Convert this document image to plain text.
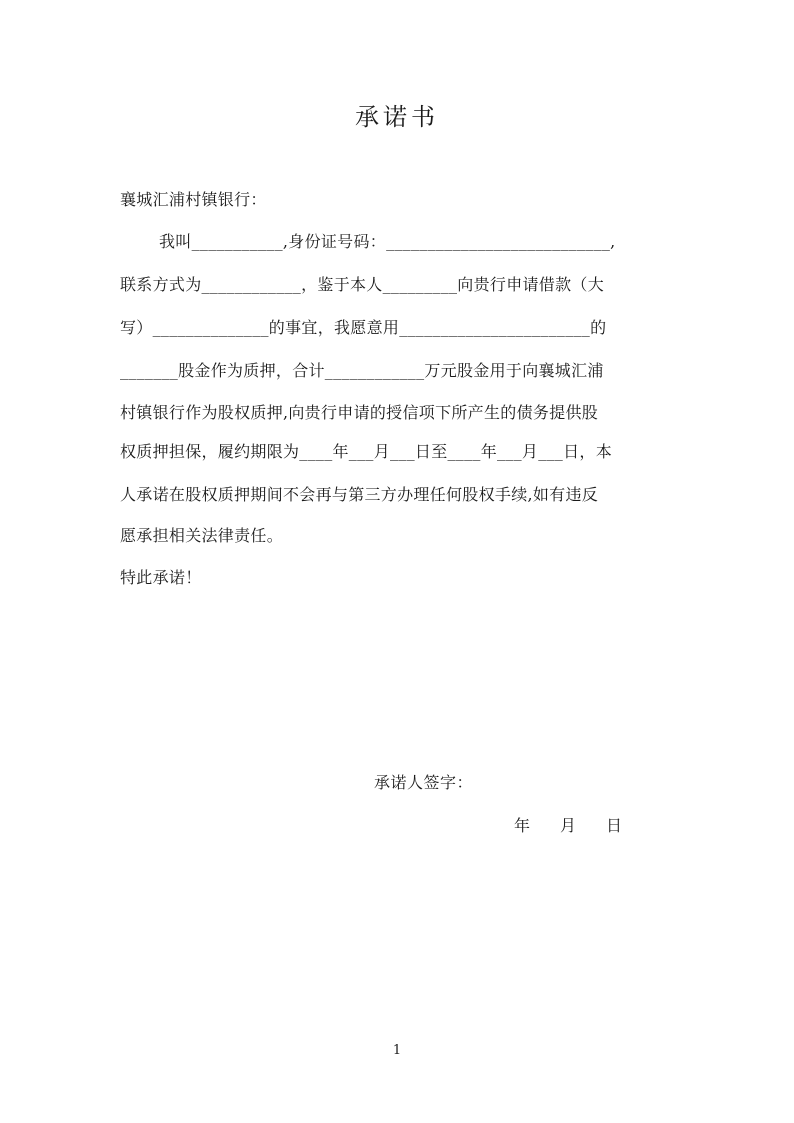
承诺书
襄城汇浦村镇银行：
我叫___________,身份证号码：___________________________,
联系方式为____________，鉴于本人_________向贵行申请借款（大
写）______________的事宜，我愿意用_______________________的
_______股金作为质押，合计____________万元股金用于向襄城汇浦
村镇银行作为股权质押,向贵行申请的授信项下所产生的债务提供股
权质押担保，履约期限为____年___月___日至____年___月___日，本
人承诺在股权质押期间不会再与第三方办理任何股权手续,如有违反
愿承担相关法律责任。
特此承诺！
承诺人签字：
年 月 日
1
